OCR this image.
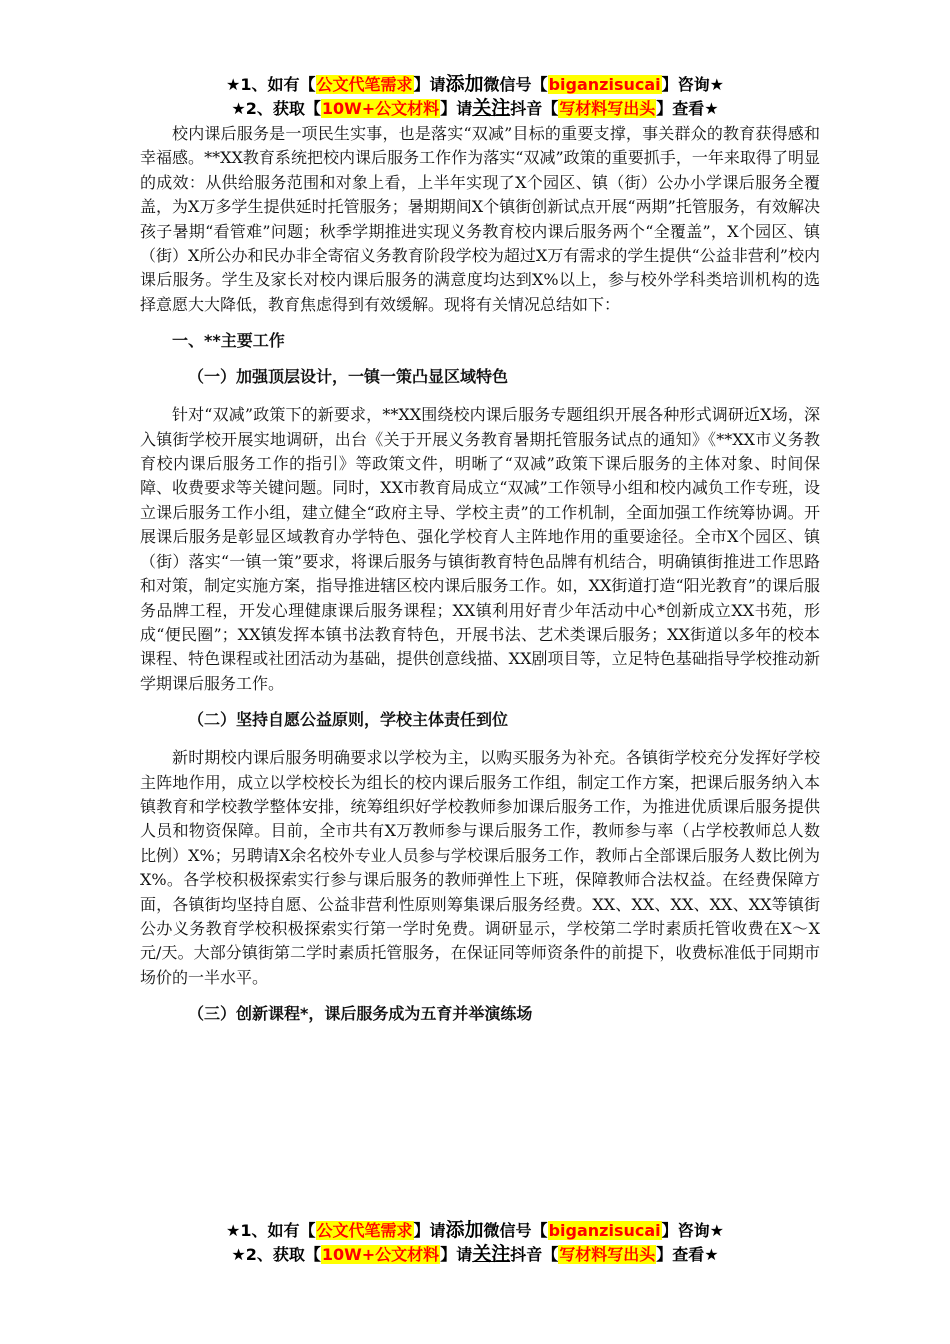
★1、如有【公文代笔需求】请添加微信号【biganzisucai】咨询★
★2、获取【10W+公文材料】请关注抖音【写材料写出头】查看★

校内课后服务是一项民生实事，也是落实“双减”目标的重要支撑，事关群众的教育获得感和幸福感。**XX教育系统把校内课后服务工作作为落实“双减”政策的重要抓手，一年来取得了明显的成效：从供给服务范围和对象上看，上半年实现了X个园区、镇（街）公办小学课后服务全覆盖，为X万多学生提供延时托管服务；暑期期间X个镇街创新试点开展“两期”托管服务，有效解决孩子暑期“看管难”问题；秋季学期推进实现义务教育校内课后服务两个“全覆盖”，X个园区、镇（街）X所公办和民办非全寄宿义务教育阶段学校为超过X万有需求的学生提供“公益非营利”校内课后服务。学生及家长对校内课后服务的满意度均达到X%以上，参与校外学科类培训机构的选择意愿大大降低，教育焦虑得到有效缓解。现将有关情况总结如下：

一、**主要工作

（一）加强顶层设计，一镇一策凸显区域特色

针对“双减”政策下的新要求，**XX围绕校内课后服务专题组织开展各种形式调研近X场，深入镇街学校开展实地调研，出台《关于开展义务教育暑期托管服务试点的通知》《**XX市义务教育校内课后服务工作的指引》等政策文件，明晰了“双减”政策下课后服务的主体对象、时间保障、收费要求等关键问题。同时，XX市教育局成立“双减”工作领导小组和校内减负工作专班，设立课后服务工作小组，建立健全“政府主导、学校主责”的工作机制，全面加强工作统筹协调。开展课后服务是彰显区域教育办学特色、强化学校育人主阵地作用的重要途径。全市X个园区、镇（街）落实“一镇一策”要求，将课后服务与镇街教育特色品牌有机结合，明确镇街推进工作思路和对策，制定实施方案，指导推进辖区校内课后服务工作。如，XX街道打造“阳光教育”的课后服务品牌工程，开发心理健康课后服务课程；XX镇利用好青少年活动中心*创新成立XX书苑，形成“便民圈”；XX镇发挥本镇书法教育特色，开展书法、艺术类课后服务；XX街道以多年的校本课程、特色课程或社团活动为基础，提供创意线描、XX剧项目等，立足特色基础指导学校推动新学期课后服务工作。

（二）坚持自愿公益原则，学校主体责任到位

新时期校内课后服务明确要求以学校为主，以购买服务为补充。各镇街学校充分发挥好学校主阵地作用，成立以学校校长为组长的校内课后服务工作组，制定工作方案，把课后服务纳入本镇教育和学校教学整体安排，统筹组织好学校教师参加课后服务工作，为推进优质课后服务提供人员和物资保障。目前，全市共有X万教师参与课后服务工作，教师参与率（占学校教师总人数比例）X%；另聘请X余名校外专业人员参与学校课后服务工作，教师占全部课后服务人数比例为X%。各学校积极探索实行参与课后服务的教师弹性上下班，保障教师合法权益。在经费保障方面，各镇街均坚持自愿、公益非营利性原则筹集课后服务经费。XX、XX、XX、XX、XX等镇街公办义务教育学校积极探索实行第一学时免费。调研显示，学校第二学时素质托管收费在X～X元/天。大部分镇街第二学时素质托管服务，在保证同等师资条件的前提下，收费标准低于同期市场价的一半水平。

（三）创新课程*，课后服务成为五育并举演练场

★1、如有【公文代笔需求】请添加微信号【biganzisucai】咨询★
★2、获取【10W+公文材料】请关注抖音【写材料写出头】查看★
